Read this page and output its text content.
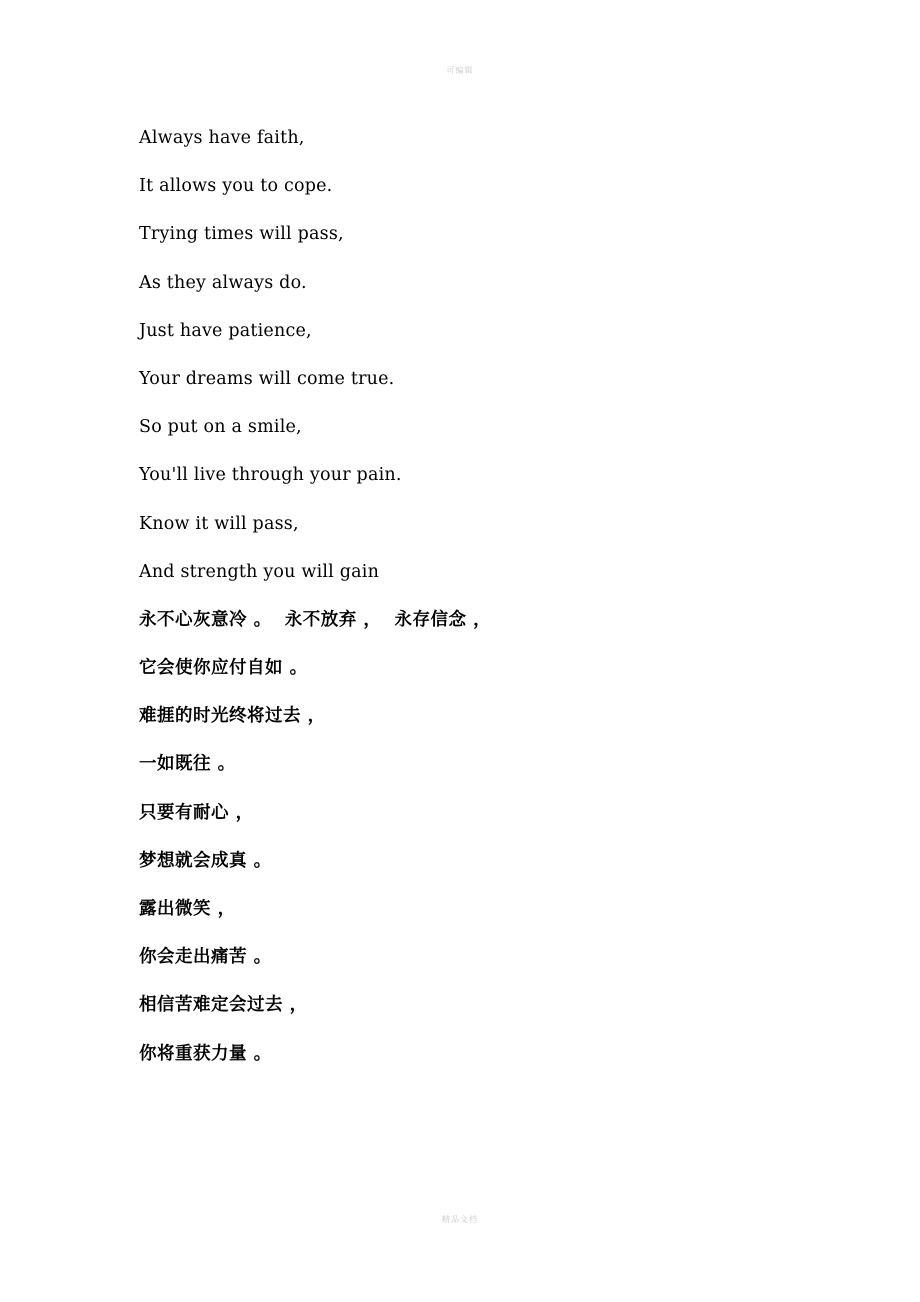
可编辑
Always have faith,
It allows you to cope.
Trying times will pass,
As they always do.
Just have patience,
Your dreams will come true.
So put on a smile,
You'll live through your pain.
Know it will pass,
And strength you will gain
永不心灰意冷 。  永不放弃 ，  永存信念 ，
它会使你应付自如 。
难捱的时光终将过去 ，
一如既往 。
只要有耐心 ，
梦想就会成真 。
露出微笑 ，
你会走出痛苦 。
相信苦难定会过去 ，
你将重获力量 。
精品文档
